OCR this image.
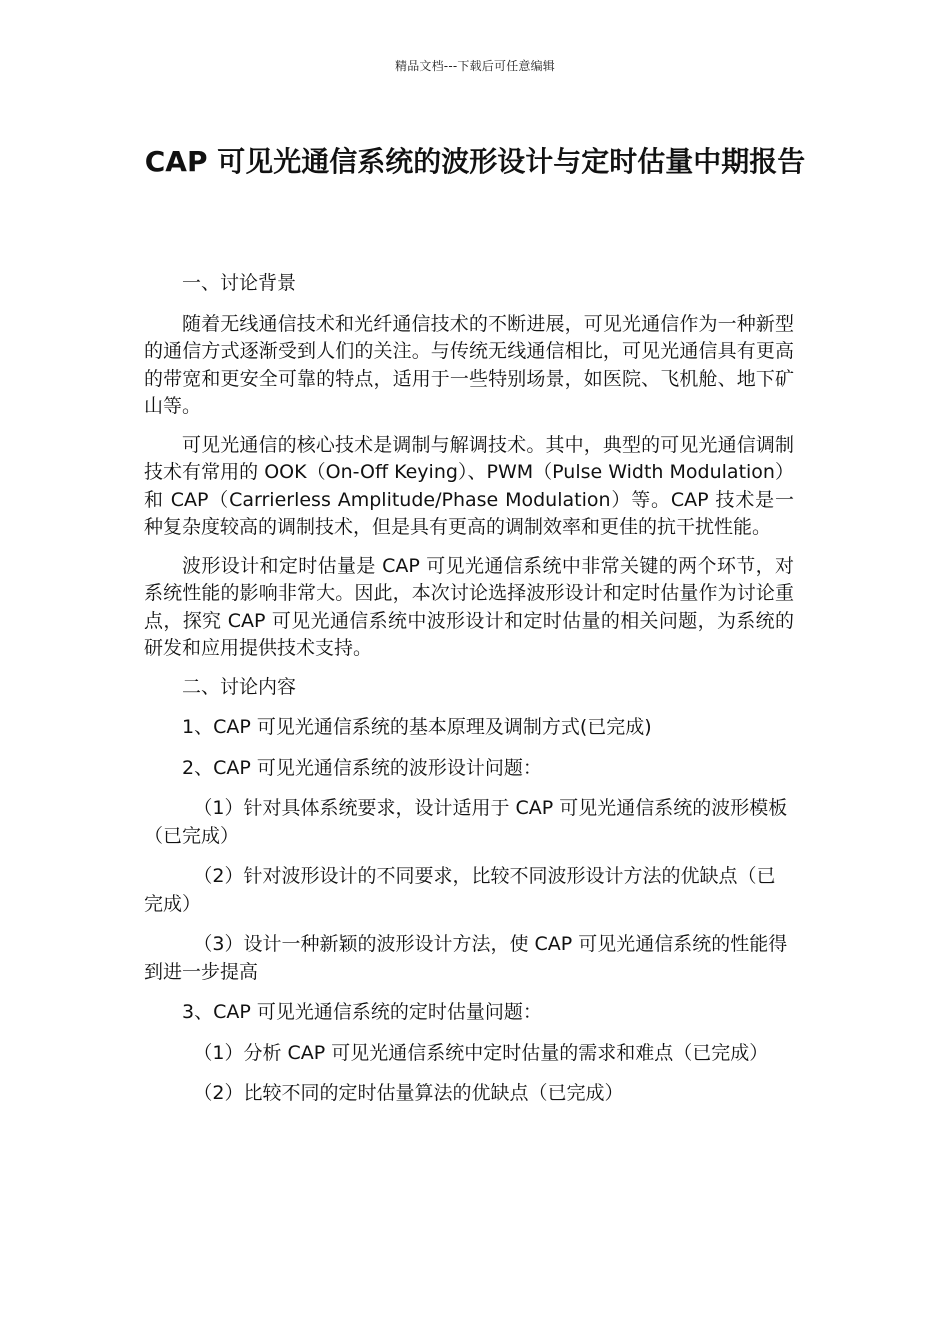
精品文档---下载后可任意编辑
CAP 可见光通信系统的波形设计与定时估量中期报告

一、讨论背景

随着无线通信技术和光纤通信技术的不断进展，可见光通信作为一种新型的通信方式逐渐受到人们的关注。与传统无线通信相比，可见光通信具有更高的带宽和更安全可靠的特点，适用于一些特别场景，如医院、飞机舱、地下矿山等。

可见光通信的核心技术是调制与解调技术。其中，典型的可见光通信调制技术有常用的 OOK（On-Off Keying）、PWM（Pulse Width Modulation）和 CAP（Carrierless Amplitude/Phase Modulation）等。CAP 技术是一种复杂度较高的调制技术，但是具有更高的调制效率和更佳的抗干扰性能。

波形设计和定时估量是 CAP 可见光通信系统中非常关键的两个环节，对系统性能的影响非常大。因此，本次讨论选择波形设计和定时估量作为讨论重点，探究 CAP 可见光通信系统中波形设计和定时估量的相关问题，为系统的研发和应用提供技术支持。

二、讨论内容

1、CAP 可见光通信系统的基本原理及调制方式(已完成)

2、CAP 可见光通信系统的波形设计问题：

（1）针对具体系统要求，设计适用于 CAP 可见光通信系统的波形模板（已完成）

（2）针对波形设计的不同要求，比较不同波形设计方法的优缺点（已完成）

（3）设计一种新颖的波形设计方法，使 CAP 可见光通信系统的性能得到进一步提高

3、CAP 可见光通信系统的定时估量问题：

（1）分析 CAP 可见光通信系统中定时估量的需求和难点（已完成）

（2）比较不同的定时估量算法的优缺点（已完成）
